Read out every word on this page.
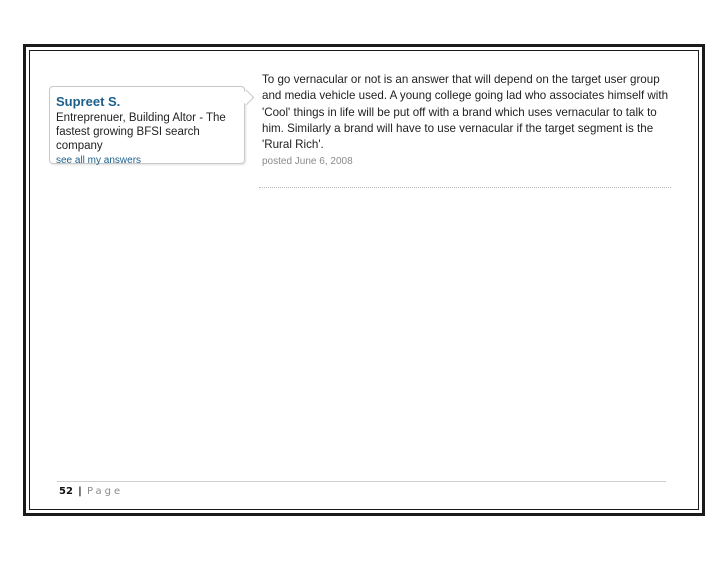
Supreet S.
Entreprenuer, Building Altor - The fastest growing BFSI search company
see all my answers
To go vernacular or not is an answer that will depend on the target user group and media vehicle used. A young college going lad who associates himself with 'Cool' things in life will be put off with a brand which uses vernacular to talk to him. Similarly a brand will have to use vernacular if the target segment is the 'Rural Rich'.
posted June 6, 2008
52 | Page
